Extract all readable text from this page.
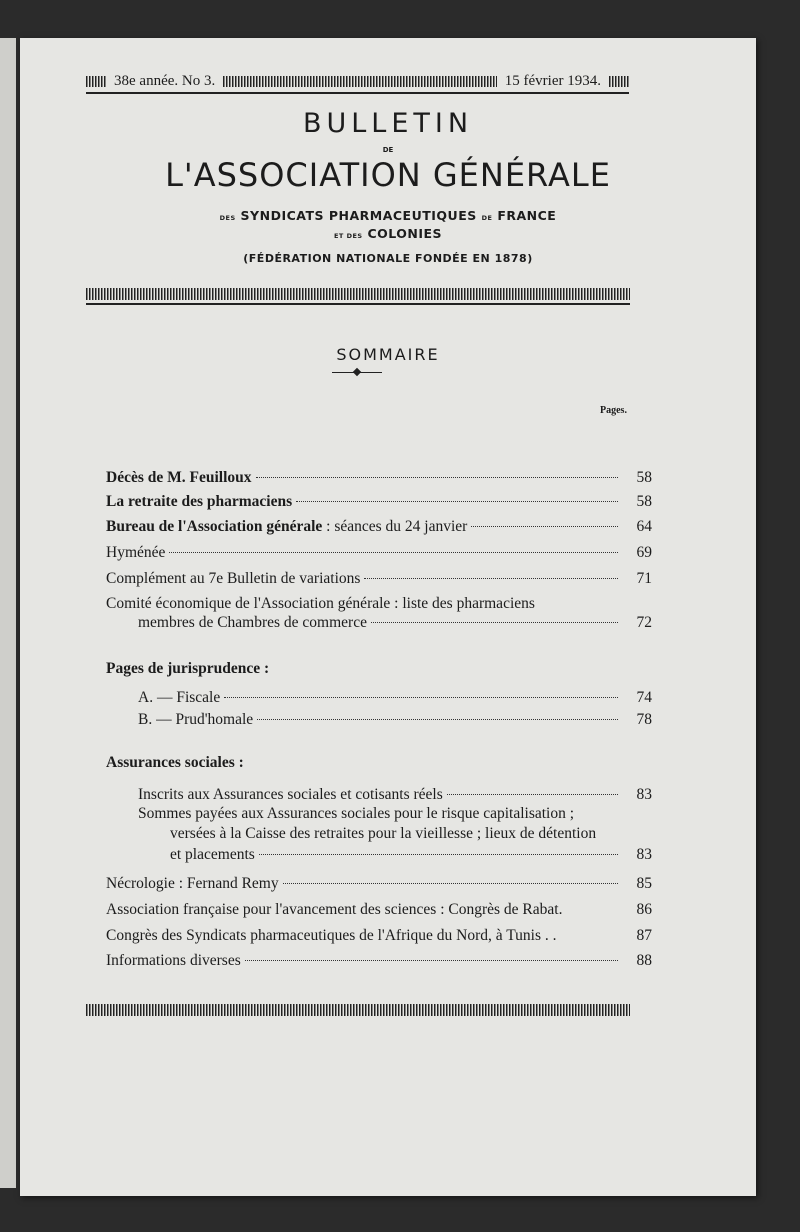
38e année. No 3.	15 février 1934.
BULLETIN
DE
L'ASSOCIATION GÉNÉRALE
DES SYNDICATS PHARMACEUTIQUES DE FRANCE
ET DES COLONIES
(FÉDÉRATION NATIONALE FONDÉE EN 1878)
SOMMAIRE
Pages.
Décès de M. Feuilloux	58
La retraite des pharmaciens	58
Bureau de l'Association générale : séances du 24 janvier	64
Hyménée	69
Complément au 7e Bulletin de variations	71
Comité économique de l'Association générale : liste des pharmaciens
membres de Chambres de commerce	72
Pages de jurisprudence :
A. — Fiscale	74
B. — Prud'homale	78
Assurances sociales :
Inscrits aux Assurances sociales et cotisants réels	83
Sommes payées aux Assurances sociales pour le risque capitalisation ;
versées à la Caisse des retraites pour la vieillesse ; lieux de détention
et placements	83
Nécrologie : Fernand Remy	85
Association française pour l'avancement des sciences : Congrès de Rabat.	86
Congrès des Syndicats pharmaceutiques de l'Afrique du Nord, à Tunis . .	87
Informations diverses	88
